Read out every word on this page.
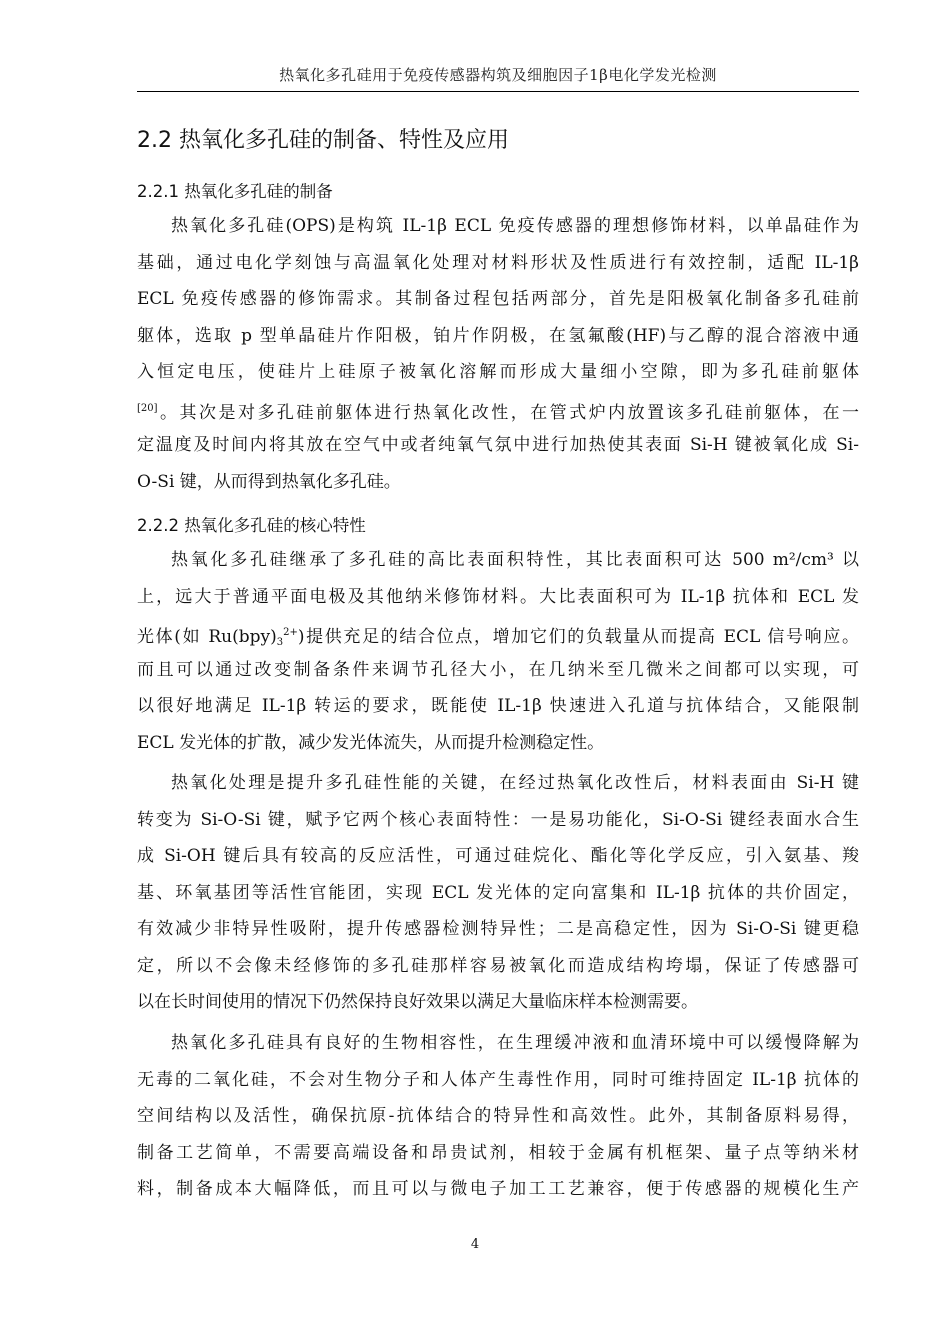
热氧化多孔硅用于免疫传感器构筑及细胞因子1β电化学发光检测
2.2 热氧化多孔硅的制备、特性及应用
2.2.1 热氧化多孔硅的制备
热氧化多孔硅(OPS)是构筑 IL-1β ECL 免疫传感器的理想修饰材料，以单晶硅作为
基础，通过电化学刻蚀与高温氧化处理对材料形状及性质进行有效控制，适配 IL-1β
ECL 免疫传感器的修饰需求。其制备过程包括两部分，首先是阳极氧化制备多孔硅前
躯体，选取 p 型单晶硅片作阳极，铂片作阴极，在氢氟酸(HF)与乙醇的混合溶液中通
入恒定电压，使硅片上硅原子被氧化溶解而形成大量细小空隙，即为多孔硅前躯体
[20]。其次是对多孔硅前躯体进行热氧化改性，在管式炉内放置该多孔硅前躯体，在一
定温度及时间内将其放在空气中或者纯氧气氛中进行加热使其表面 Si-H 键被氧化成 Si-
O-Si 键，从而得到热氧化多孔硅。
2.2.2 热氧化多孔硅的核心特性
热氧化多孔硅继承了多孔硅的高比表面积特性，其比表面积可达 500 m²/cm³ 以
上，远大于普通平面电极及其他纳米修饰材料。大比表面积可为 IL-1β 抗体和 ECL 发
光体(如 $Ru(bpy)_3^{2+}$)提供充足的结合位点，增加它们的负载量从而提高 ECL 信号响应。
而且可以通过改变制备条件来调节孔径大小，在几纳米至几微米之间都可以实现，可
以很好地满足 IL-1β 转运的要求，既能使 IL-1β 快速进入孔道与抗体结合，又能限制
ECL 发光体的扩散，减少发光体流失，从而提升检测稳定性。
热氧化处理是提升多孔硅性能的关键，在经过热氧化改性后，材料表面由 Si-H 键
转变为 Si-O-Si 键，赋予它两个核心表面特性：一是易功能化，Si-O-Si 键经表面水合生
成 Si-OH 键后具有较高的反应活性，可通过硅烷化、酯化等化学反应，引入氨基、羧
基、环氧基团等活性官能团，实现 ECL 发光体的定向富集和 IL-1β 抗体的共价固定，
有效减少非特异性吸附，提升传感器检测特异性；二是高稳定性，因为 Si-O-Si 键更稳
定，所以不会像未经修饰的多孔硅那样容易被氧化而造成结构垮塌，保证了传感器可
以在长时间使用的情况下仍然保持良好效果以满足大量临床样本检测需要。
热氧化多孔硅具有良好的生物相容性，在生理缓冲液和血清环境中可以缓慢降解为
无毒的二氧化硅，不会对生物分子和人体产生毒性作用，同时可维持固定 IL-1β 抗体的
空间结构以及活性，确保抗原-抗体结合的特异性和高效性。此外，其制备原料易得，
制备工艺简单，不需要高端设备和昂贵试剂，相较于金属有机框架、量子点等纳米材
料，制备成本大幅降低，而且可以与微电子加工工艺兼容，便于传感器的规模化生产
4
